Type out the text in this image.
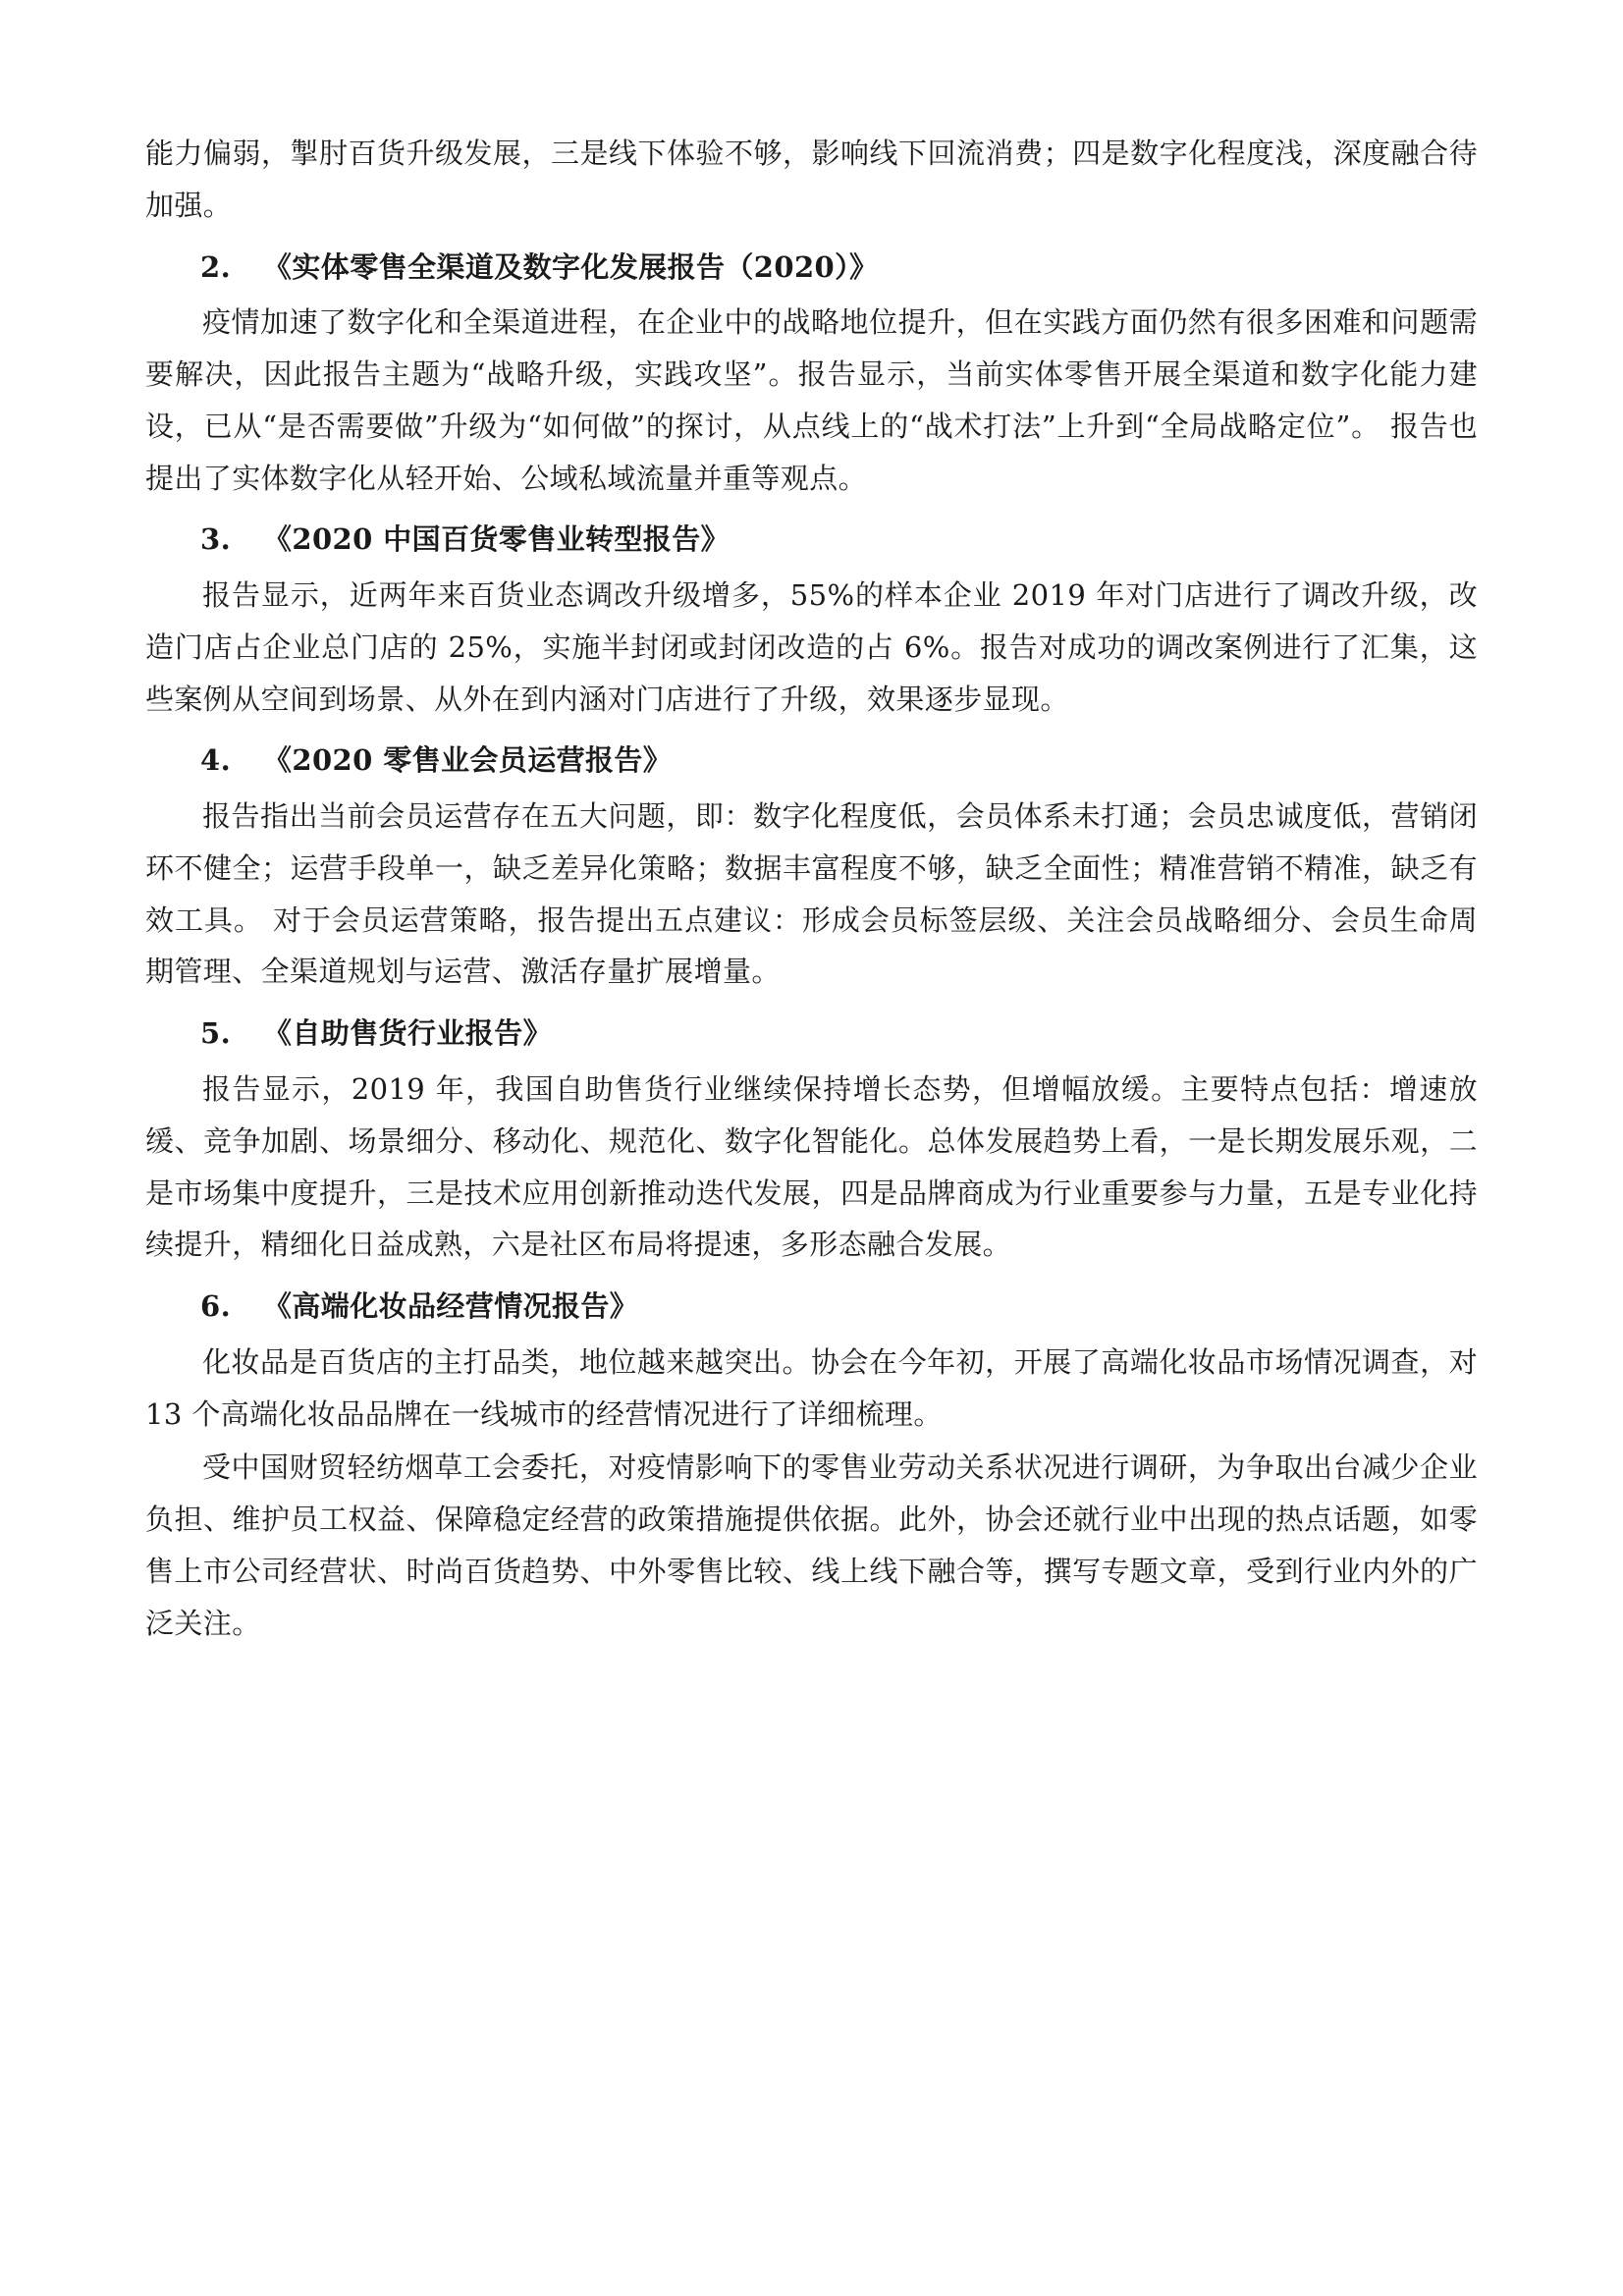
能力偏弱，掣肘百货升级发展，三是线下体验不够，影响线下回流消费；四是数字化程度浅，深度融合待加强。

2.	《实体零售全渠道及数字化发展报告（2020）》

疫情加速了数字化和全渠道进程，在企业中的战略地位提升，但在实践方面仍然有很多困难和问题需要解决，因此报告主题为“战略升级，实践攻坚”。报告显示，当前实体零售开展全渠道和数字化能力建设，已从“是否需要做”升级为“如何做”的探讨，从点线上的“战术打法”上升到“全局战略定位”。 报告也提出了实体数字化从轻开始、公域私域流量并重等观点。

3.	《2020 中国百货零售业转型报告》

报告显示，近两年来百货业态调改升级增多，55%的样本企业 2019 年对门店进行了调改升级，改造门店占企业总门店的 25%，实施半封闭或封闭改造的占 6%。报告对成功的调改案例进行了汇集，这些案例从空间到场景、从外在到内涵对门店进行了升级，效果逐步显现。

4.	《2020 零售业会员运营报告》

报告指出当前会员运营存在五大问题，即：数字化程度低，会员体系未打通；会员忠诚度低，营销闭环不健全；运营手段单一，缺乏差异化策略；数据丰富程度不够，缺乏全面性；精准营销不精准，缺乏有效工具。 对于会员运营策略，报告提出五点建议：形成会员标签层级、关注会员战略细分、会员生命周期管理、全渠道规划与运营、激活存量扩展增量。

5.	《自助售货行业报告》

报告显示，2019 年，我国自助售货行业继续保持增长态势，但增幅放缓。主要特点包括：增速放缓、竞争加剧、场景细分、移动化、规范化、数字化智能化。总体发展趋势上看，一是长期发展乐观，二是市场集中度提升，三是技术应用创新推动迭代发展，四是品牌商成为行业重要参与力量，五是专业化持续提升，精细化日益成熟，六是社区布局将提速，多形态融合发展。

6.	《高端化妆品经营情况报告》

化妆品是百货店的主打品类，地位越来越突出。协会在今年初，开展了高端化妆品市场情况调查，对 13 个高端化妆品品牌在一线城市的经营情况进行了详细梳理。

受中国财贸轻纺烟草工会委托，对疫情影响下的零售业劳动关系状况进行调研，为争取出台减少企业负担、维护员工权益、保障稳定经营的政策措施提供依据。此外，协会还就行业中出现的热点话题，如零售上市公司经营状、时尚百货趋势、中外零售比较、线上线下融合等，撰写专题文章，受到行业内外的广泛关注。
